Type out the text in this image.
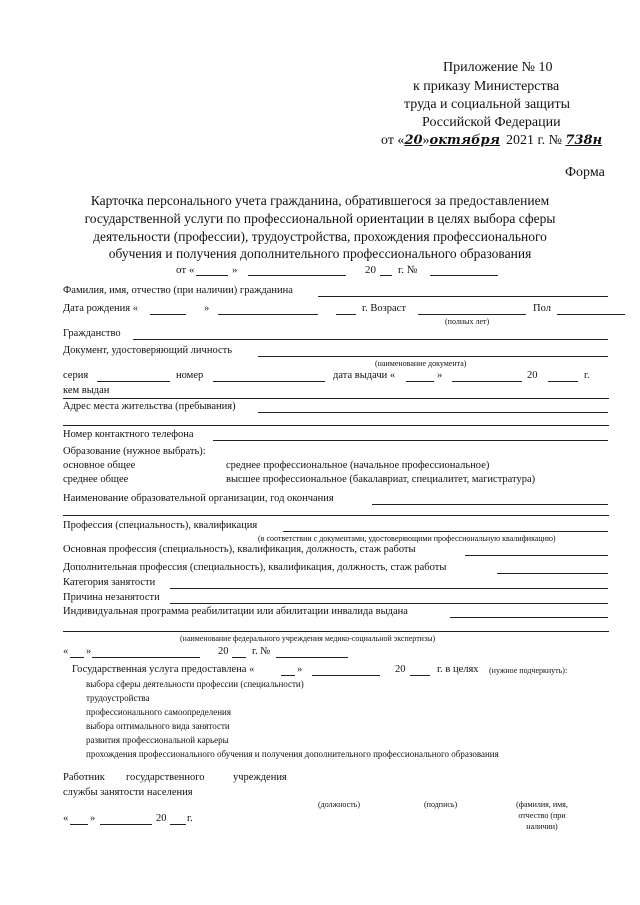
Приложение № 10
к приказу Министерства
труда и социальной защиты
Российской Федерации
от «20»октября 2021 г. № 738н
Форма
Карточка персонального учета гражданина, обратившегося за предоставлением
государственной услуги по профессиональной ориентации в целях выбора сферы
деятельности (профессии), трудоустройства, прохождения профессионального
обучения и получения дополнительного профессионального образования
от «	»	20 г. №
Фамилия, имя, отчество (при наличии) гражданина
Дата рождения «	»	г. Возраст
(полных лет)
Пол
Гражданство
Документ, удостоверяющий личность
(наименование документа)
серия	номер	дата выдачи «	»	20	г.
кем выдан
Адрес места жительства (пребывания)
Номер контактного телефона
Образование (нужное выбрать):
основное общее	среднее профессиональное (начальное профессиональное)
среднее общее	высшее профессиональное (бакалавриат, специалитет, магистратура)
Наименование образовательной организации, год окончания
Профессия (специальность), квалификация
(в соответствии с документами, удостоверяющими профессиональную квалификацию)
Основная профессия (специальность), квалификация, должность, стаж работы
Дополнительная профессия (специальность), квалификация, должность, стаж работы
Категория занятости
Причина незанятости
Индивидуальная программа реабилитации или абилитации инвалида выдана
(наименование федерального учреждения медико-социальной экспертизы)
« »	20 г. №
Государственная услуга предоставлена «	»	20	г. в целях (нужное подчеркнуть):
выбора сферы деятельности профессии (специальности)
трудоустройства
профессионального самоопределения
выбора оптимального вида занятости
развития профессиональной карьеры
прохождения профессионального обучения и получения дополнительного профессионального образования
Работник государственного	учреждения
службы занятости населения
(должность)	(подпись)	(фамилия, имя,
отчество (при
наличии)
« »	20 г.
